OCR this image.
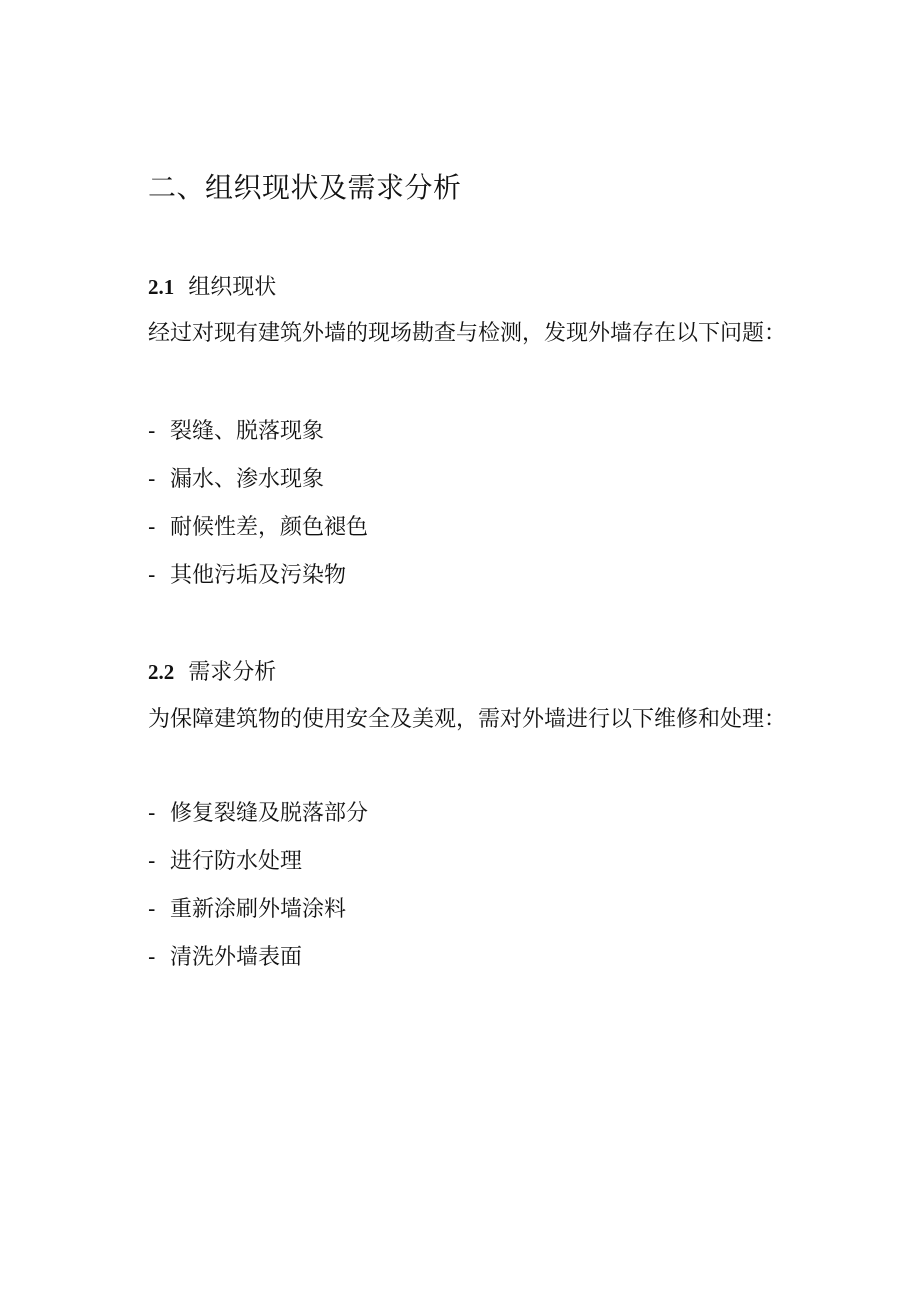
二、组织现状及需求分析
2.1 组织现状

经过对现有建筑外墙的现场勘查与检测，发现外墙存在以下问题：

- 裂缝、脱落现象
- 漏水、渗水现象
- 耐候性差，颜色褪色
- 其他污垢及污染物
2.2 需求分析

为保障建筑物的使用安全及美观，需对外墙进行以下维修和处理：

- 修复裂缝及脱落部分
- 进行防水处理
- 重新涂刷外墙涂料
- 清洗外墙表面
